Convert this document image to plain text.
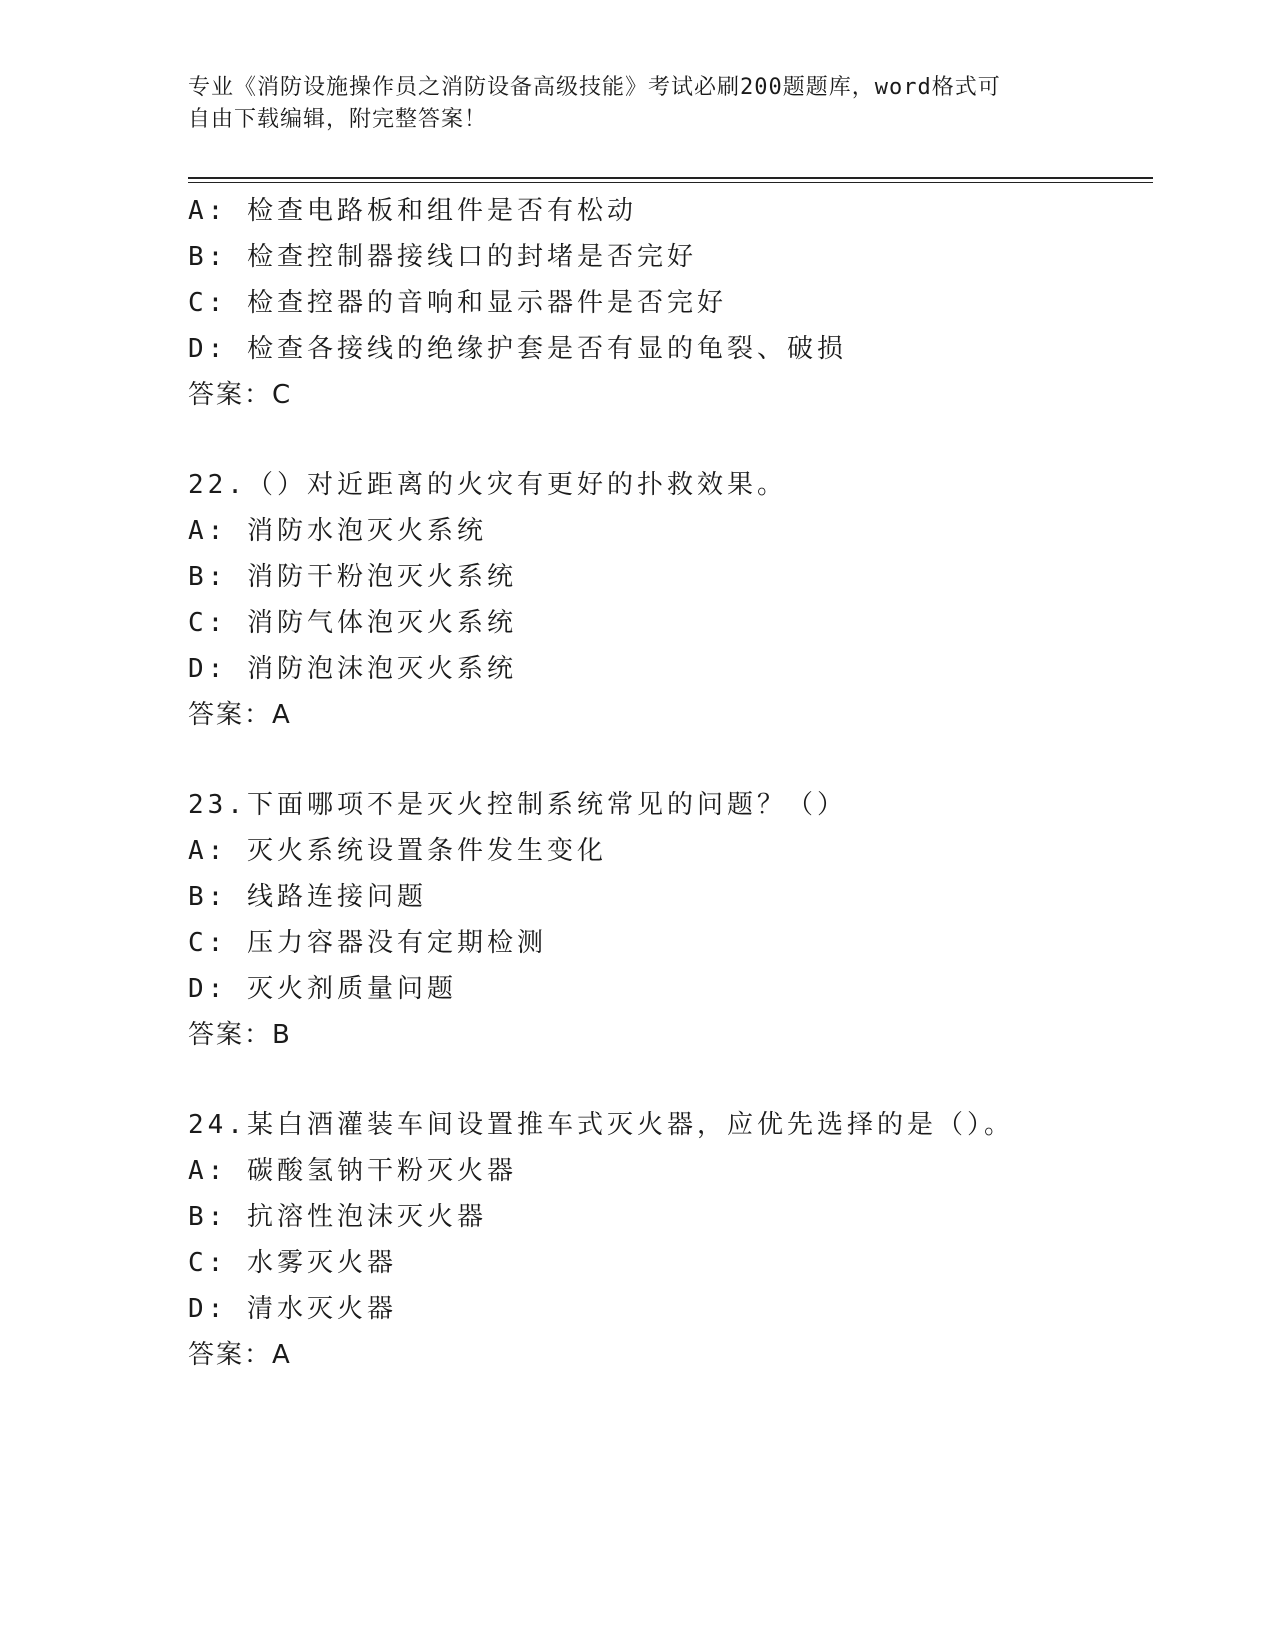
专业《消防设施操作员之消防设备高级技能》考试必刷200题题库，word格式可
自由下载编辑，附完整答案！
A: 检查电路板和组件是否有松动
B: 检查控制器接线口的封堵是否完好
C: 检查控器的音响和显示器件是否完好
D: 检查各接线的绝缘护套是否有显的龟裂、破损
答案：C
22.（）对近距离的火灾有更好的扑救效果。
A: 消防水泡灭火系统
B: 消防干粉泡灭火系统
C: 消防气体泡灭火系统
D: 消防泡沫泡灭火系统
答案：A
23.下面哪项不是灭火控制系统常见的问题？（）
A: 灭火系统设置条件发生变化
B: 线路连接问题
C: 压力容器没有定期检测
D: 灭火剂质量问题
答案：B
24.某白酒灌装车间设置推车式灭火器，应优先选择的是（）。
A: 碳酸氢钠干粉灭火器
B: 抗溶性泡沫灭火器
C: 水雾灭火器
D: 清水灭火器
答案：A
